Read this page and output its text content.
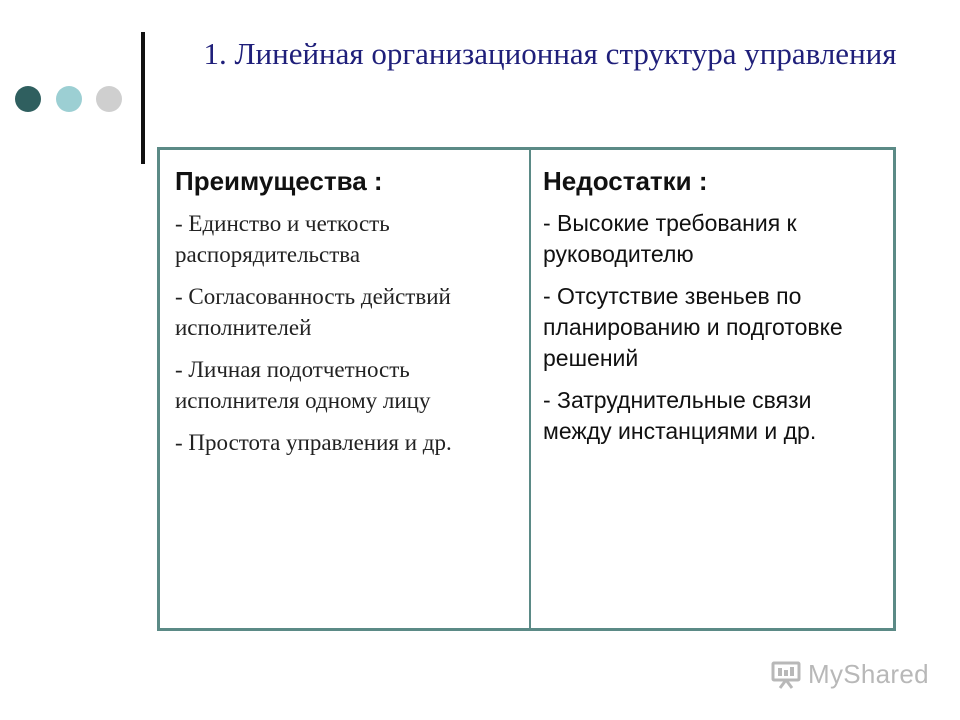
1. Линейная организационная структура управления
Преимущества :
- Единство и четкость распорядительства
- Согласованность действий исполнителей
- Личная подотчетность исполнителя одному лицу
- Простота управления и др.
Недостатки :
- Высокие требования к руководителю
- Отсутствие звеньев по планированию и подготовке решений
- Затруднительные связи между инстанциями и др.
MyShared
